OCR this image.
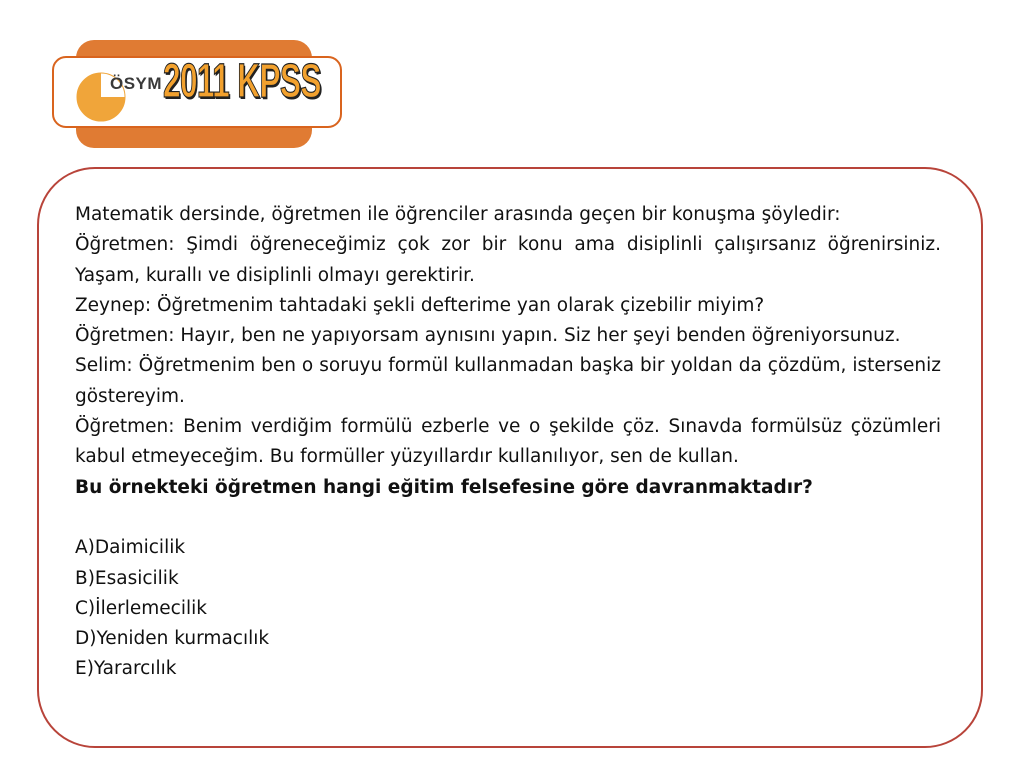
ÖSYM 2011 KPSS

Matematik dersinde, öğretmen ile öğrenciler arasında geçen bir konuşma şöyledir:

Öğretmen: Şimdi öğreneceğimiz çok zor bir konu ama disiplinli çalışırsanız öğrenirsiniz. Yaşam, kurallı ve disiplinli olmayı gerektirir.

Zeynep: Öğretmenim tahtadaki şekli defterime yan olarak çizebilir miyim?

Öğretmen: Hayır, ben ne yapıyorsam aynısını yapın. Siz her şeyi benden öğreniyorsunuz.

Selim: Öğretmenim ben o soruyu formül kullanmadan başka bir yoldan da çözdüm, isterseniz göstereyim.

Öğretmen: Benim verdiğim formülü ezberle ve o şekilde çöz. Sınavda formülsüz çözümleri kabul etmeyeceğim. Bu formüller yüzyıllardır kullanılıyor, sen de kullan.

Bu örnekteki öğretmen hangi eğitim felsefesine göre davranmaktadır?

A)Daimicilik

B)Esasicilik

C)İlerlemecilik

D)Yeniden kurmacılık

E)Yararcılık
